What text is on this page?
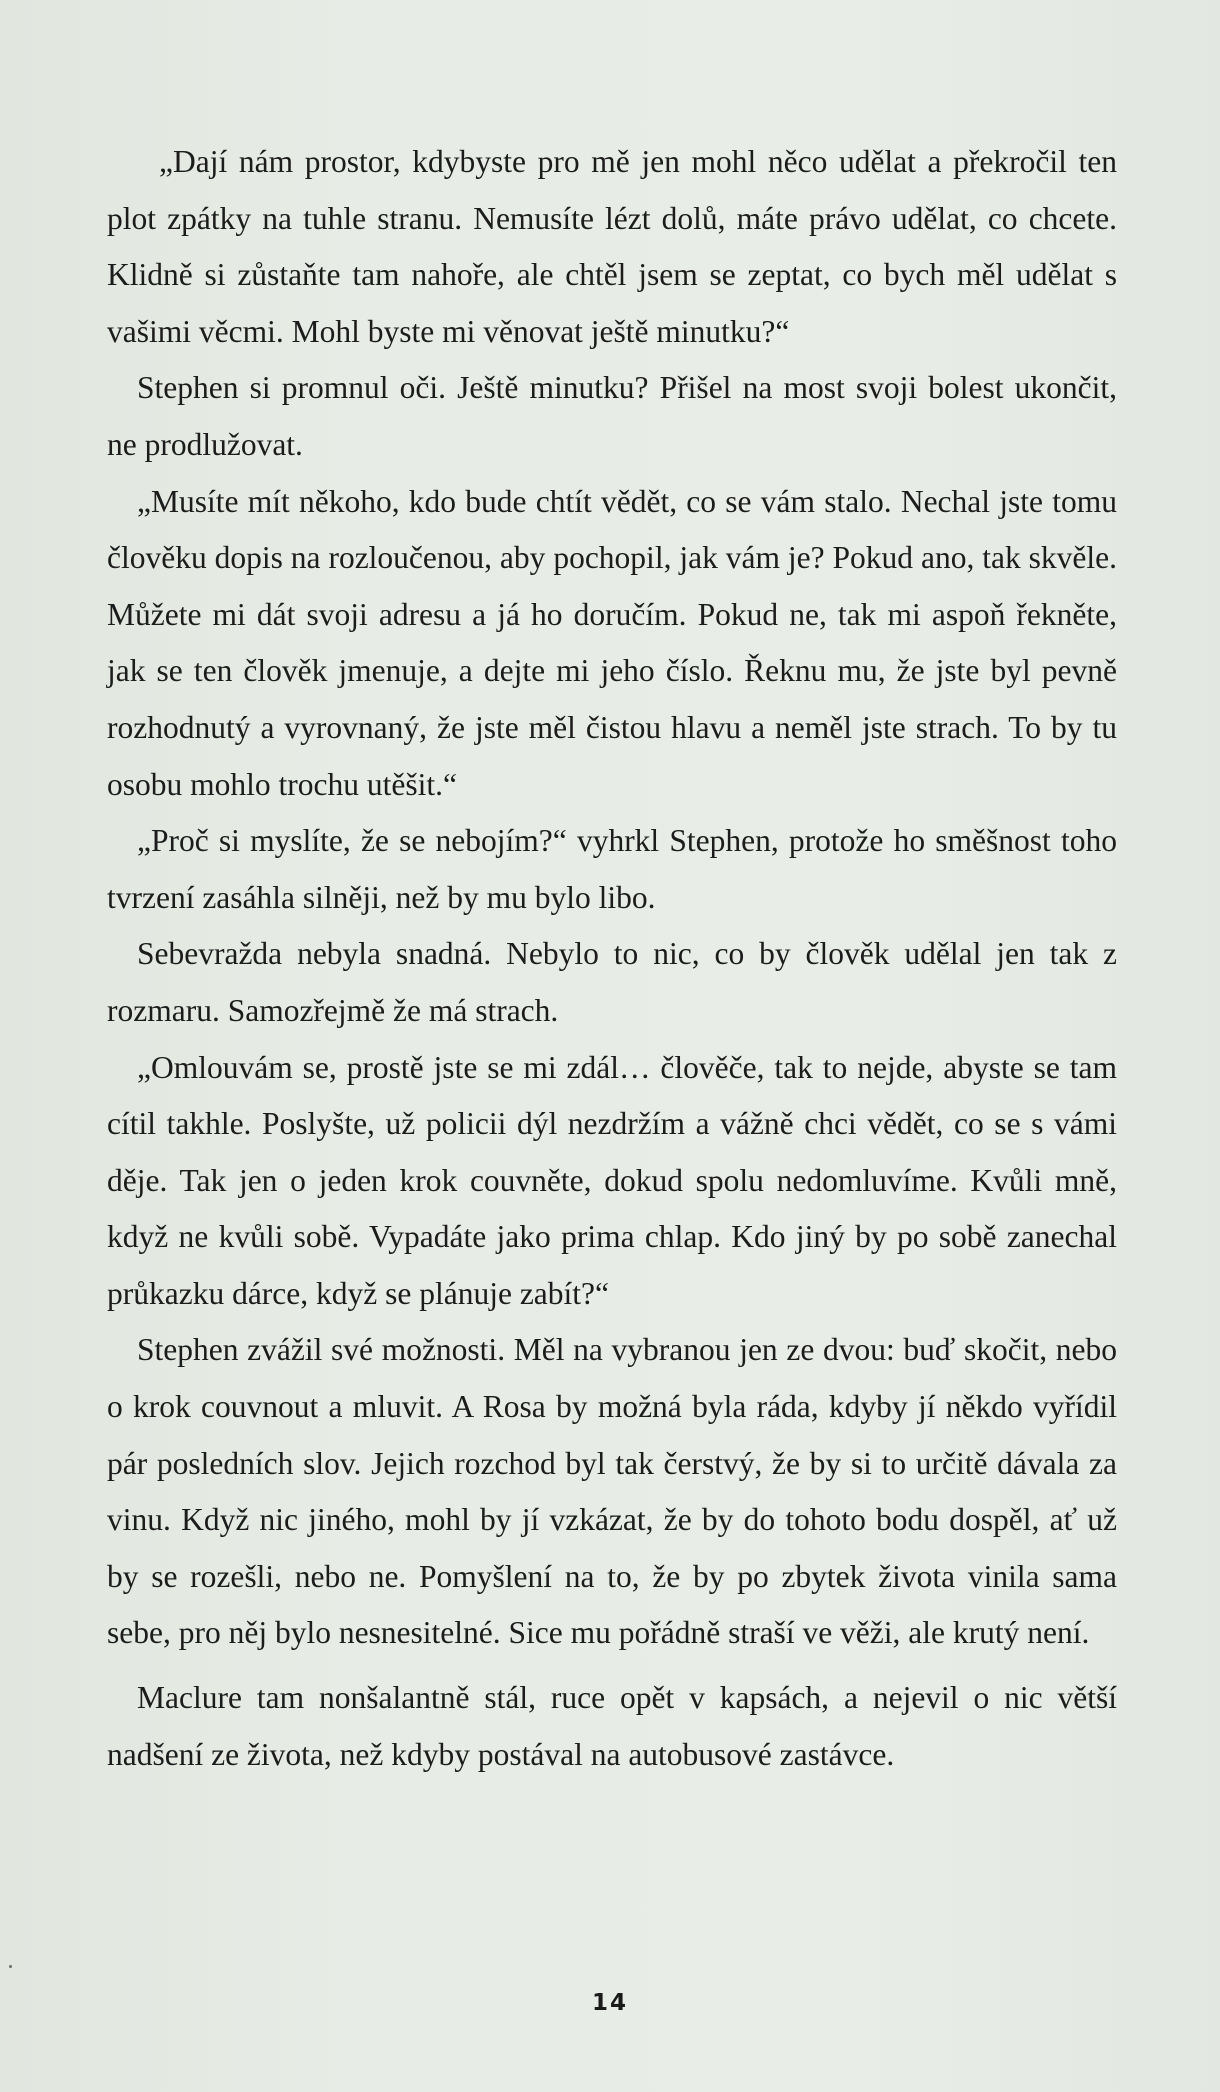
„Dají nám prostor, kdybyste pro mě jen mohl něco udělat a překročil ten plot zpátky na tuhle stranu. Nemusíte lézt dolů, máte právo udělat, co chcete. Klidně si zůstaňte tam nahoře, ale chtěl jsem se zeptat, co bych měl udělat s vašimi věcmi. Mohl byste mi věnovat ještě minutku?“

Stephen si promnul oči. Ještě minutku? Přišel na most svoji bolest ukončit, ne prodlužovat.

„Musíte mít někoho, kdo bude chtít vědět, co se vám stalo. Nechal jste tomu člověku dopis na rozloučenou, aby pochopil, jak vám je? Pokud ano, tak skvěle. Můžete mi dát svoji adresu a já ho doručím. Pokud ne, tak mi aspoň řekněte, jak se ten člověk jmenuje, a dejte mi jeho číslo. Řeknu mu, že jste byl pevně rozhodnutý a vyrovnaný, že jste měl čistou hlavu a neměl jste strach. To by tu osobu mohlo trochu utěšit.“

„Proč si myslíte, že se nebojím?“ vyhrkl Stephen, protože ho směšnost toho tvrzení zasáhla silněji, než by mu bylo libo.

Sebevražda nebyla snadná. Nebylo to nic, co by člověk udělal jen tak z rozmaru. Samozřejmě že má strach.

„Omlouvám se, prostě jste se mi zdál… člověče, tak to nejde, abyste se tam cítil takhle. Poslyšte, už policii dýl nezdržím a vážně chci vědět, co se s vámi děje. Tak jen o jeden krok couvněte, dokud spolu nedomluvíme. Kvůli mně, když ne kvůli sobě. Vypadáte jako prima chlap. Kdo jiný by po sobě zanechal průkazku dárce, když se plánuje zabít?“

Stephen zvážil své možnosti. Měl na vybranou jen ze dvou: buď skočit, nebo o krok couvnout a mluvit. A Rosa by možná byla ráda, kdyby jí někdo vyřídil pár posledních slov. Jejich rozchod byl tak čerstvý, že by si to určitě dávala za vinu. Když nic jiného, mohl by jí vzkázat, že by do tohoto bodu dospěl, ať už by se rozešli, nebo ne. Pomyšlení na to, že by po zbytek života vinila sama sebe, pro něj bylo nesnesitelné. Sice mu pořádně straší ve věži, ale krutý není.

Maclure tam nonšalantně stál, ruce opět v kapsách, a nejevil o nic větší nadšení ze života, než kdyby postával na autobusové zastávce.

14
